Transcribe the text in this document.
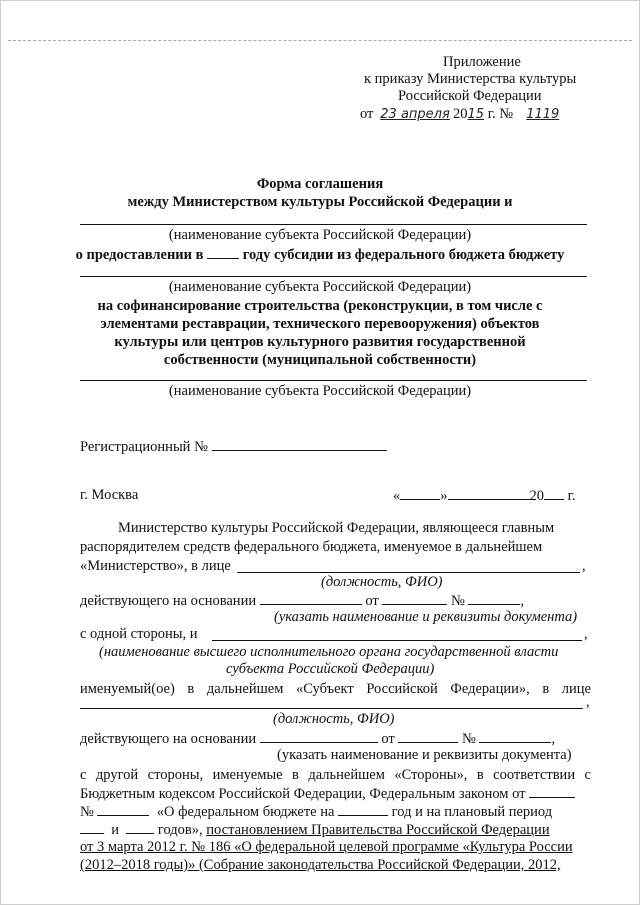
Приложение
к приказу Министерства культуры
Российской Федерации
от 23 апреля 2015 г. № 1119
Форма соглашения
между Министерством культуры Российской Федерации и
(наименование субъекта Российской Федерации)
о предоставлении в	году субсидии из федерального бюджета бюджету
(наименование субъекта Российской Федерации)
на софинансирование строительства (реконструкции, в том числе с
элементами реставрации, технического перевооружения) объектов
культуры или центров культурного развития государственной
собственности (муниципальной собственности)
(наименование субъекта Российской Федерации)
Регистрационный №
г. Москва	«	»	20 г.
Министерство культуры Российской Федерации, являющееся главным
распорядителем средств федерального бюджета, именуемое в дальнейшем
«Министерство», в лице	,
(должность, ФИО)
действующего на основании	от	№	,
(указать наименование и реквизиты документа)
с одной стороны, и	,
(наименование высшего исполнительного органа государственной власти
субъекта Российской Федерации)
именуемый(ое) в дальнейшем «Субъект Российской Федерации», в лице
,
(должность, ФИО)
действующего на основании	от	№	,
(указать наименование и реквизиты документа)
с другой стороны, именуемые в дальнейшем «Стороны», в соответствии с
Бюджетным кодексом Российской Федерации, Федеральным законом от
№	«О федеральном бюджете на	год и на плановый период
и	годов», постановлением Правительства Российской Федерации
от 3 марта 2012 г. № 186 «О федеральной целевой программе «Культура России
(2012–2018 годы)» (Собрание законодательства Российской Федерации, 2012,
